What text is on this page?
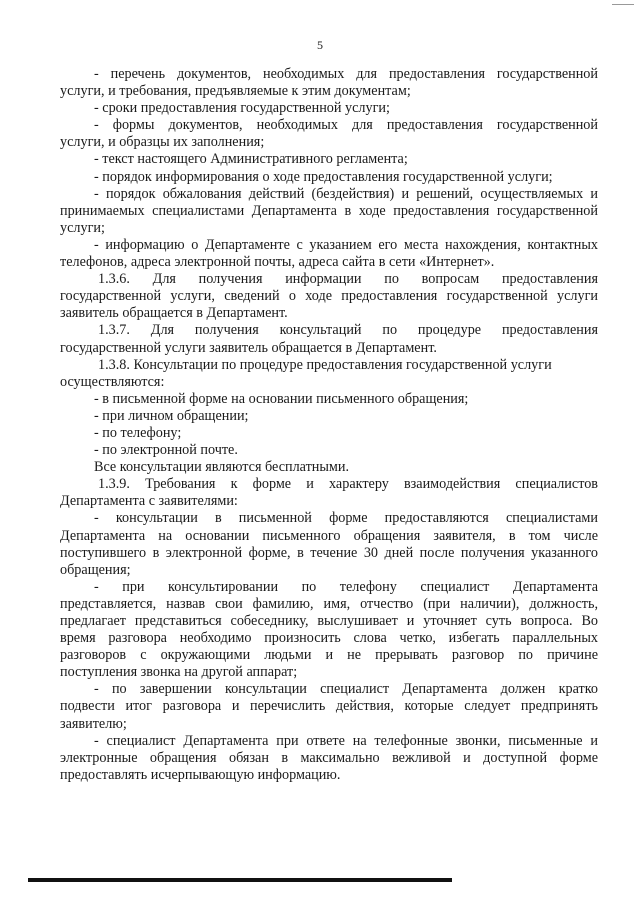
5
- перечень документов, необходимых для предоставления государственной
услуги, и требования, предъявляемые к этим документам;
- сроки предоставления государственной услуги;
- формы документов, необходимых для предоставления государственной
услуги, и образцы их заполнения;
- текст настоящего Административного регламента;
- порядок информирования о ходе предоставления государственной услуги;
- порядок обжалования действий (бездействия) и решений, осуществляемых и
принимаемых специалистами Департамента в ходе предоставления государственной
услуги;
- информацию о Департаменте с указанием его места нахождения, контактных
телефонов, адреса электронной почты, адреса сайта в сети «Интернет».
1.3.6. Для получения информации по вопросам предоставления
государственной услуги, сведений о ходе предоставления государственной услуги
заявитель обращается в Департамент.
1.3.7. Для получения консультаций по процедуре предоставления
государственной услуги заявитель обращается в Департамент.
1.3.8. Консультации по процедуре предоставления государственной услуги
осуществляются:
- в письменной форме на основании письменного обращения;
- при личном обращении;
- по телефону;
- по электронной почте.
Все консультации являются бесплатными.
1.3.9. Требования к форме и характеру взаимодействия специалистов
Департамента с заявителями:
- консультации в письменной форме предоставляются специалистами
Департамента на основании письменного обращения заявителя, в том числе
поступившего в электронной форме, в течение 30 дней после получения указанного
обращения;
- при консультировании по телефону специалист Департамента
представляется, назвав свои фамилию, имя, отчество (при наличии), должность,
предлагает представиться собеседнику, выслушивает и уточняет суть вопроса. Во
время разговора необходимо произносить слова четко, избегать параллельных
разговоров с окружающими людьми и не прерывать разговор по причине
поступления звонка на другой аппарат;
- по завершении консультации специалист Департамента должен кратко
подвести итог разговора и перечислить действия, которые следует предпринять
заявителю;
- специалист Департамента при ответе на телефонные звонки, письменные и
электронные обращения обязан в максимально вежливой и доступной форме
предоставлять исчерпывающую информацию.
